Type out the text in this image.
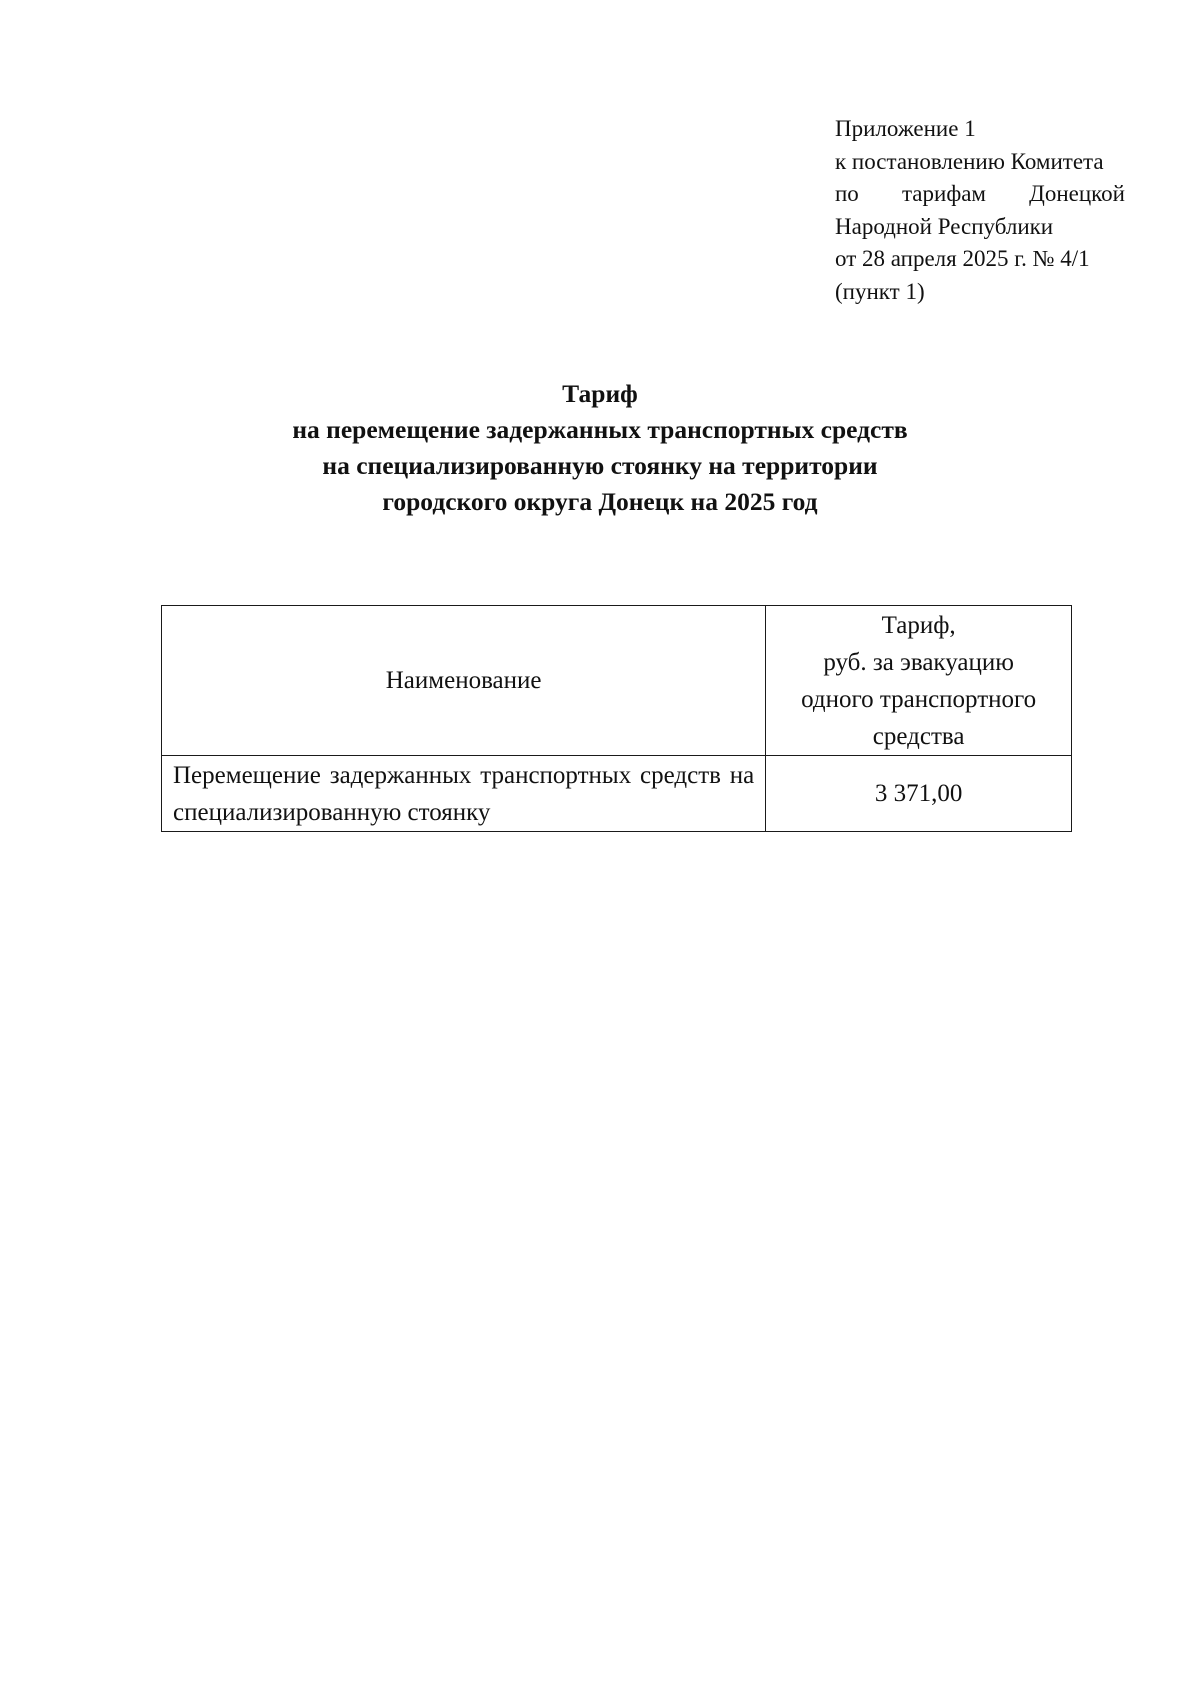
Приложение 1
к постановлению Комитета
по тарифам Донецкой
Народной Республики
от 28 апреля 2025 г. № 4/1
(пункт 1)
Тариф
на перемещение задержанных транспортных средств
на специализированную стоянку на территории
городского округа Донецк на 2025 год
Наименование	Тариф,
руб. за эвакуацию
одного транспортного
средства

Перемещение задержанных транспортных средств на специализированную стоянку	3 371,00
